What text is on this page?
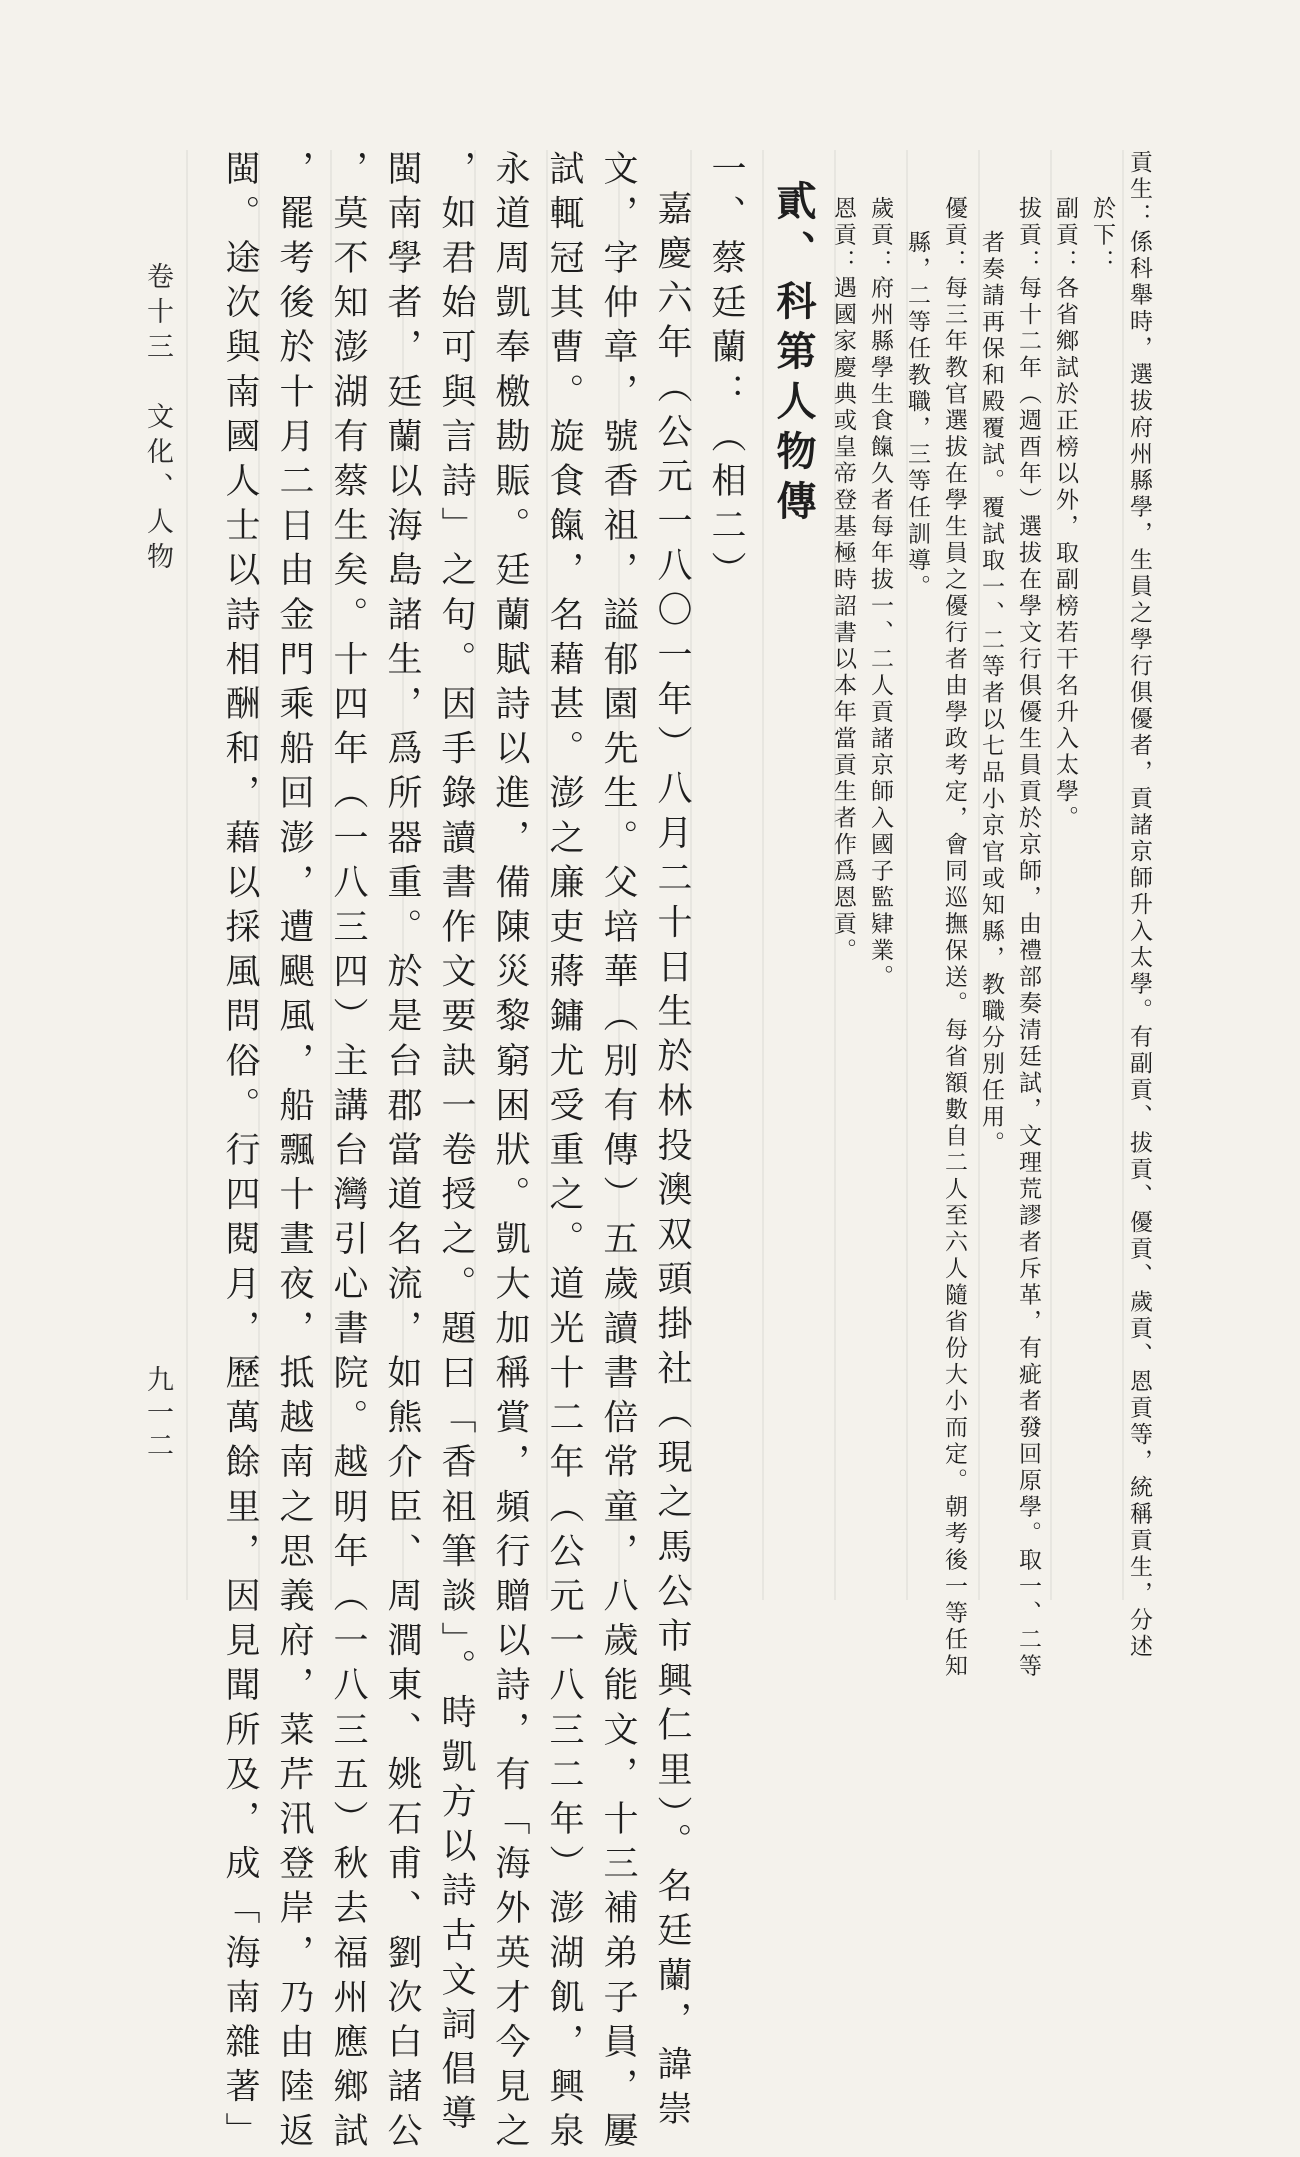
貢生：係科舉時，選拔府州縣學，生員之學行俱優者，貢諸京師升入太學。有副貢、拔貢、優貢、歲貢、恩貢等，統稱貢生，分述
於下：
副貢：各省鄉試於正榜以外，取副榜若干名升入太學。
拔貢：每十二年（週酉年）選拔在學文行俱優生員貢於京師，由禮部奏清廷試，文理荒謬者斥革，有疵者發回原學。取一、二等
者奏請再保和殿覆試。覆試取一、二等者以七品小京官或知縣，教職分別任用。
優貢：每三年教官選拔在學生員之優行者由學政考定，會同巡撫保送。每省額數自二人至六人隨省份大小而定。朝考後一等任知
縣，二等任教職，三等任訓導。
歲貢：府州縣學生食餼久者每年拔一、二人貢諸京師入國子監肄業。
恩貢：遇國家慶典或皇帝登基極時詔書以本年當貢生者作爲恩貢。
貳、科第人物傳
一、蔡廷蘭：（相二）
嘉慶六年（公元一八〇一年）八月二十日生於林投澳双頭掛社（現之馬公市興仁里）。名廷蘭，諱崇
文，字仲章，號香祖，謚郁園先生。父培華（別有傳）五歲讀書倍常童，八歲能文，十三補弟子員，屢
試輒冠其曹。旋食餼，名藉甚。澎之廉吏蔣鏞尤受重之。道光十二年（公元一八三二年）澎湖飢，興泉
永道周凱奉檄勘賑。廷蘭賦詩以進，備陳災黎窮困狀。凱大加稱賞，頻行贈以詩，有「海外英才今見之
，如君始可與言詩」之句。因手錄讀書作文要訣一卷授之。題曰「香祖筆談」。時凱方以詩古文詞倡導
閩南學者，廷蘭以海島諸生，爲所器重。於是台郡當道名流，如熊介臣、周澗東、姚石甫、劉次白諸公
，莫不知澎湖有蔡生矣。十四年（一八三四）主講台灣引心書院。越明年（一八三五）秋去福州應鄉試
，罷考後於十月二日由金門乘船回澎，遭颶風，船飄十晝夜，抵越南之思義府，菜芹汛登岸，乃由陸返
閩。途次與南國人士以詩相酬和，藉以採風問俗。行四閱月，歷萬餘里，因見聞所及，成「海南雜著」
卷十三　文化、人物
九一二
